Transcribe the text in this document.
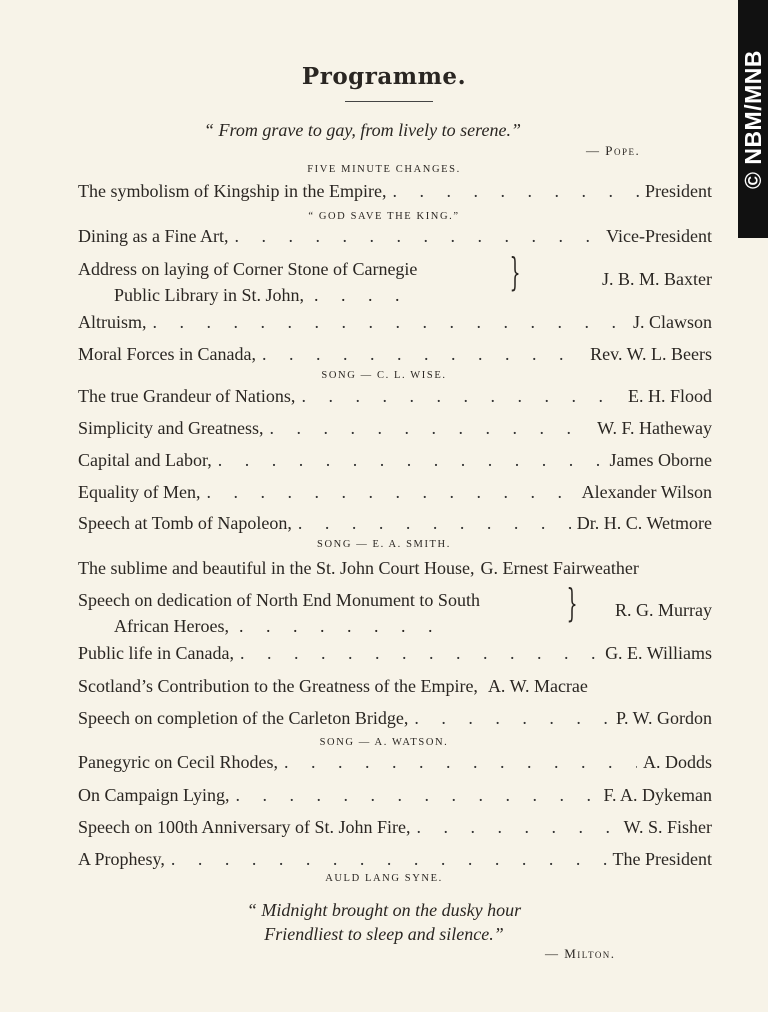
© NBM/MNB
Programme.
“ From grave to gay, from lively to serene.”
— Pope.
FIVE MINUTE CHANGES.
The symbolism of Kingship in the Empire, . . .	President
“ GOD SAVE THE KING.”
Dining as a Fine Art, . . .	Vice-President
Address on laying of Corner Stone of Carnegie
Public Library in St. John, . . . .
}	J. B. M. Baxter
Altruism, . . .	J. Clawson
Moral Forces in Canada, . . .	Rev. W. L. Beers
SONG — C. L. WISE.
The true Grandeur of Nations, . . .	E. H. Flood
Simplicity and Greatness, . . .	W. F. Hatheway
Capital and Labor, . . .	James Oborne
Equality of Men, . . .	Alexander Wilson
Speech at Tomb of Napoleon, . . .	Dr. H. C. Wetmore
SONG — E. A. SMITH.
The sublime and beautiful in the St. John Court House, G. Ernest Fairweather
Speech on dedication of North End Monument to South
African Heroes, . . . . . . . .
} R. G. Murray
Public life in Canada, . . .	G. E. Williams
Scotland’s Contribution to the Greatness of the Empire, A. W. Macrae
Speech on completion of the Carleton Bridge, . . .	P. W. Gordon
SONG — A. WATSON.
Panegyric on Cecil Rhodes, . . .	A. Dodds
On Campaign Lying, . . .	F. A. Dykeman
Speech on 100th Anniversary of St. John Fire, . . .	W. S. Fisher
A Prophesy, . . .	The President
AULD LANG SYNE.
“ Midnight brought on the dusky hour
Friendliest to sleep and silence.”
— Milton.
